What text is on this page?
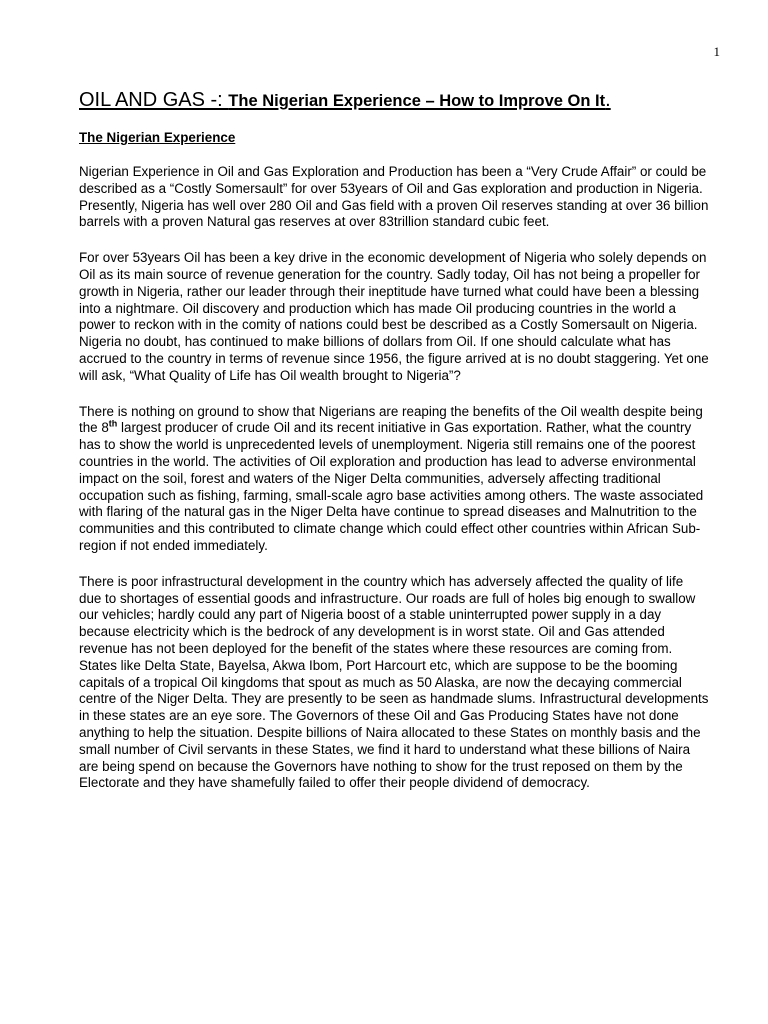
1

OIL AND GAS -: The Nigerian Experience – How to Improve On It.
The Nigerian Experience

Nigerian Experience in Oil and Gas Exploration and Production has been a “Very Crude Affair” or could be described as a “Costly Somersault” for over 53years of Oil and Gas exploration and production in Nigeria. Presently, Nigeria has well over 280 Oil and Gas field with a proven Oil reserves standing at over 36 billion barrels with a proven Natural gas reserves at over 83trillion standard cubic feet.

For over 53years Oil has been a key drive in the economic development of Nigeria who solely depends on Oil as its main source of revenue generation for the country. Sadly today, Oil has not being a propeller for growth in Nigeria, rather our leader through their ineptitude have turned what could have been a blessing into a nightmare. Oil discovery and production which has made Oil producing countries in the world a power to reckon with in the comity of nations could best be described as a Costly Somersault on Nigeria. Nigeria no doubt, has continued to make billions of dollars from Oil. If one should calculate what has accrued to the country in terms of revenue since 1956, the figure arrived at is no doubt staggering. Yet one will ask, “What Quality of Life has Oil wealth brought to Nigeria”?

There is nothing on ground to show that Nigerians are reaping the benefits of the Oil wealth despite being the 8th largest producer of crude Oil and its recent initiative in Gas exportation. Rather, what the country has to show the world is unprecedented levels of unemployment. Nigeria still remains one of the poorest countries in the world. The activities of Oil exploration and production has lead to adverse environmental impact on the soil, forest and waters of the Niger Delta communities, adversely affecting traditional occupation such as fishing, farming, small-scale agro base activities among others. The waste associated with flaring of the natural gas in the Niger Delta have continue to spread diseases and Malnutrition to the communities and this contributed to climate change which could effect other countries within African Sub-region if not ended immediately.

There is poor infrastructural development in the country which has adversely affected the quality of life due to shortages of essential goods and infrastructure. Our roads are full of holes big enough to swallow our vehicles; hardly could any part of Nigeria boost of a stable uninterrupted power supply in a day because electricity which is the bedrock of any development is in worst state. Oil and Gas attended revenue has not been deployed for the benefit of the states where these resources are coming from. States like Delta State, Bayelsa, Akwa Ibom, Port Harcourt etc, which are suppose to be the booming capitals of a tropical Oil kingdoms that spout as much as 50 Alaska, are now the decaying commercial centre of the Niger Delta. They are presently to be seen as handmade slums. Infrastructural developments in these states are an eye sore. The Governors of these Oil and Gas Producing States have not done anything to help the situation. Despite billions of Naira allocated to these States on monthly basis and the small number of Civil servants in these States, we find it hard to understand what these billions of Naira are being spend on because the Governors have nothing to show for the trust reposed on them by the Electorate and they have shamefully failed to offer their people dividend of democracy.
